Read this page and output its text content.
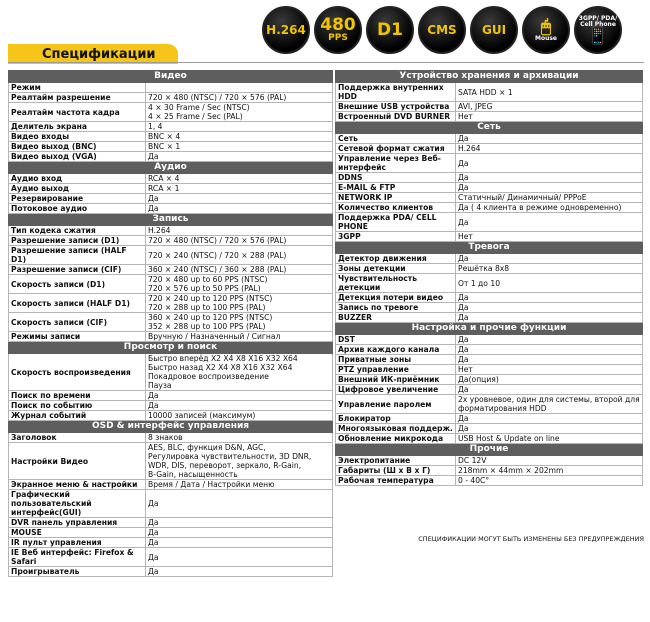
H.264 480
PPS D1 CMS GUI 🖱
Mouse
3GPP/ PDA/ Cell Phone
📱
Спецификации
Видео	
Режим	
Реалтайм разрешение	720 × 480 (NTSC) / 720 × 576 (PAL)
Реалтайм частота кадра	4 × 30 Frame / Sec (NTSC)
4 × 25 Frame / Sec (PAL)
Делитель экрана	1, 4
Видео входы	BNC × 4
Видео выход (BNC)	BNC × 1
Видео выход (VGA)	Да
Аудио	
Аудио вход	RCA × 4
Аудио выход	RCA × 1
Резервирование	Да
Потоковое аудио	Да
Запись	
Тип кодека сжатия	H.264
Разрешение записи (D1)	720 × 480 (NTSC) / 720 × 576 (PAL)
Разрешение записи (HALF D1)	720 × 240 (NTSC) / 720 × 288 (PAL)
Разрешение записи (CIF)	360 × 240 (NTSC) / 360 × 288 (PAL)
Скорость записи (D1)	720 × 480 up to 60 PPS (NTSC)
720 × 576 up to 50 PPS (PAL)
Скорость записи (HALF D1)	720 × 240 up to 120 PPS (NTSC)
720 × 288 up to 100 PPS (PAL)
Скорость записи (CIF)	360 × 240 up to 120 PPS (NTSC)
352 × 288 up to 100 PPS (PAL)
Режимы записи	Вручную / Назначенный / Сигнал
Просмотр и поиск	
Скорость воспроизведения	Быстро вперёд X2 X4 X8 X16 X32 X64
Быстро назад X2 X4 X8 X16 X32 X64
Покадровое воспроизведение
Пауза
Поиск по времени	Да
Поиск по событию	Да
Журнал событий	10000 записей (максимум)
OSD & интерфейс управления	
Заголовок	8 знаков
Настройки Видео	AES, BLC, функция D&N, AGC,
Регулировка чувствительности, 3D DNR,
WDR, DIS, переворот, зеркало, R-Gain,
B-Gain, насыщенность
Экранное меню & настройки	Время / Дата / Настройки меню
Графический
пользовательский
интерфейс(GUI)	Да
DVR панель управления	Да
MOUSE	Да
IR пульт управления	Да
IE Веб интерфейс: Firefox &
Safari	Да
Проигрыватель	Да
Устройство хранения и архивации	
Поддержка внутренних
HDD	SATA HDD × 1
Внешние USB устройства	AVI, JPEG
Встроенный DVD BURNER	Нет
Сеть	
Сеть	Да
Сетевой формат сжатия	H.264
Управление через Веб-
интерфейс	Да
DDNS	Да
E-MAIL & FTP	Да
NETWORK IP	Статичный/ Динамичный/ PPPoE
Количество клиентов	Да ( 4 клиента в режиме одновременно)
Поддержка PDA/ CELL
PHONE	Да
3GPP	Нет
Тревога	
Детектор движения	Да
Зоны детекции	Решётка 8x8
Чувствительность
детекции	От 1 до 10
Детекция потери видео	Да
Запись по тревоге	Да
BUZZER	Да
Настройка и прочие функции	
DST	Да
Архив каждого канала	Да
Приватные зоны	Да
PTZ управление	Нет
Внешний ИК-приёмник	Да(опция)
Цифровое увеличение	Да
Управление паролем	2х уровневое, один для системы, второй для
форматирования HDD
Блокиратор	Да
Многоязыковая поддерж.	Да
Обновление микрокода	USB Host & Update on line
Прочие	
Электропитание	DC 12V
Габариты (Ш x В x Г)	218mm × 44mm × 202mm
Рабочая температура	0 - 40C°
СПЕЦИФИКАЦИИ МОГУТ БЫТЬ ИЗМЕНЕНЫ БЕЗ ПРЕДУПРЕЖДЕНИЯ
